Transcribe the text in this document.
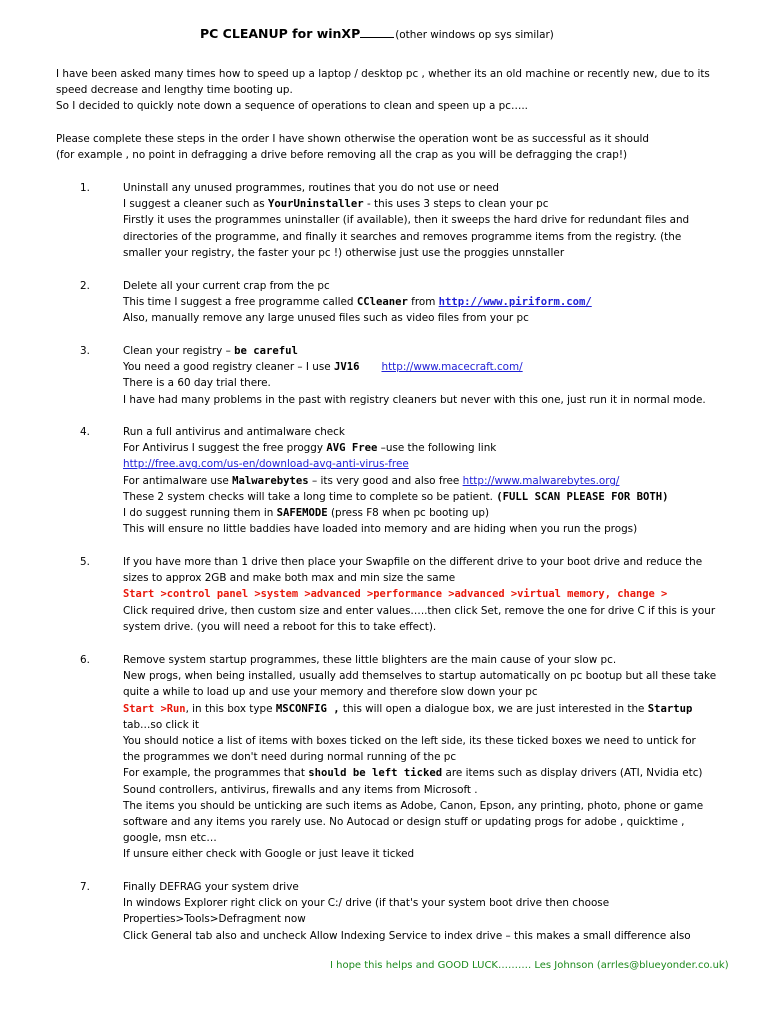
PC CLEANUP for winXP	(other windows op sys similar)

I have been asked many times how to speed up a laptop / desktop pc , whether its an old machine or recently new, due to its

speed decrease and lengthy time booting up.

So I decided to quickly note down a sequence of operations to clean and speen up a pc…..

Please complete these steps in the order I have shown otherwise the operation wont be as successful as it should

(for example , no point in defragging a drive before removing all the crap as you will be defragging the crap!)

1.	Uninstall any unused programmes, routines that you do not use or need
I suggest a cleaner such as YourUninstaller - this uses 3 steps to clean your pc
Firstly it uses the programmes uninstaller (if available), then it sweeps the hard drive for redundant files and
directories of the programme, and finally it searches and removes programme items from the registry. (the
smaller your registry, the faster your pc !) otherwise just use the proggies unnstaller
2.	Delete all your current crap from the pc
This time I suggest a free programme called CCleaner from http://www.piriform.com/
Also, manually remove any large unused files such as video files from your pc
3.	Clean your registry – be careful
You need a good registry cleaner – I use JV16 http://www.macecraft.com/
There is a 60 day trial there.
I have had many problems in the past with registry cleaners but never with this one, just run it in normal mode.
4.	Run a full antivirus and antimalware check
For Antivirus I suggest the free proggy AVG Free –use the following link
http://free.avg.com/us-en/download-avg-anti-virus-free
For antimalware use Malwarebytes – its very good and also free http://www.malwarebytes.org/
These 2 system checks will take a long time to complete so be patient. (FULL SCAN PLEASE FOR BOTH)
I do suggest running them in SAFEMODE (press F8 when pc booting up)
This will ensure no little baddies have loaded into memory and are hiding when you run the progs)
5.	If you have more than 1 drive then place your Swapfile on the different drive to your boot drive and reduce the
sizes to approx 2GB and make both max and min size the same
Start >control panel >system >advanced >performance >advanced >virtual memory, change >
Click required drive, then custom size and enter values…..then click Set, remove the one for drive C if this is your
system drive. (you will need a reboot for this to take effect).
6.	Remove system startup programmes, these little blighters are the main cause of your slow pc.
New progs, when being installed, usually add themselves to startup automatically on pc bootup but all these take
quite a while to load up and use your memory and therefore slow down your pc
Start >Run, in this box type MSCONFIG , this will open a dialogue box, we are just interested in the Startup
tab…so click it
You should notice a list of items with boxes ticked on the left side, its these ticked boxes we need to untick for
the programmes we don't need during normal running of the pc
For example, the programmes that should be left ticked are items such as display drivers (ATI, Nvidia etc)
Sound controllers, antivirus, firewalls and any items from Microsoft .
The items you should be unticking are such items as Adobe, Canon, Epson, any printing, photo, phone or game
software and any items you rarely use. No Autocad or design stuff or updating progs for adobe , quicktime ,
google, msn etc…
If unsure either check with Google or just leave it ticked
7.	Finally DEFRAG your system drive
In windows Explorer right click on your C:/ drive (if that's your system boot drive then choose
Properties>Tools>Defragment now
Click General tab also and uncheck Allow Indexing Service to index drive – this makes a small difference also
I hope this helps and GOOD LUCK………. Les Johnson (arrles@blueyonder.co.uk)
